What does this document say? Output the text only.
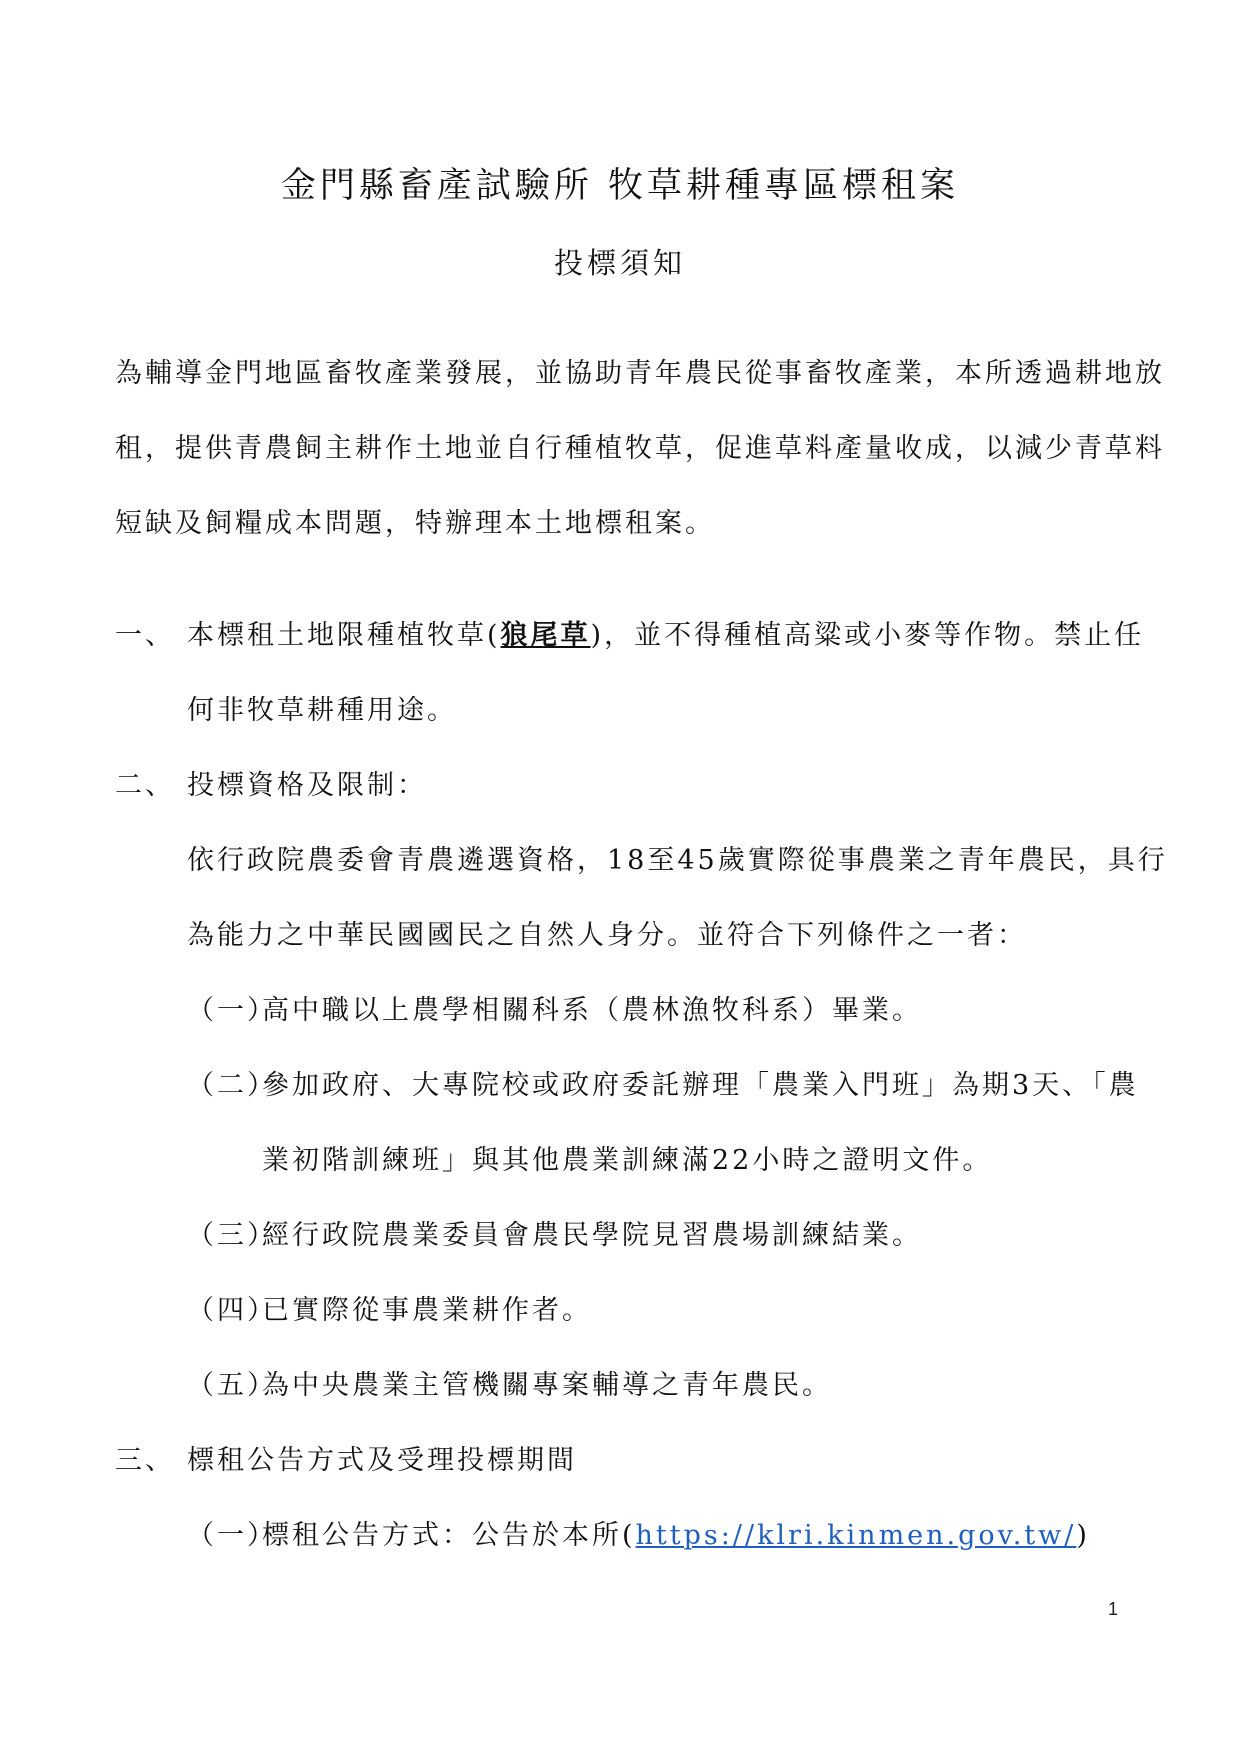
金門縣畜產試驗所 牧草耕種專區標租案
投標須知
為輔導金門地區畜牧產業發展，並協助青年農民從事畜牧產業，本所透過耕地放
租，提供青農飼主耕作土地並自行種植牧草，促進草料產量收成，以減少青草料
短缺及飼糧成本問題，特辦理本土地標租案。
一、 本標租土地限種植牧草(狼尾草)，並不得種植高粱或小麥等作物。禁止任
何非牧草耕種用途。
二、 投標資格及限制：
依行政院農委會青農遴選資格，18至45歲實際從事農業之青年農民，具行
為能力之中華民國國民之自然人身分。並符合下列條件之一者：
（一）
高中職以上農學相關科系（農林漁牧科系）畢業。
（二）
參加政府、大專院校或政府委託辦理「農業入門班」為期3天、「農
業初階訓練班」與其他農業訓練滿22小時之證明文件。
（三）
經行政院農業委員會農民學院見習農場訓練結業。
（四）
已實際從事農業耕作者。
（五）
為中央農業主管機關專案輔導之青年農民。
三、 標租公告方式及受理投標期間
（一）
標租公告方式：公告於本所(https://klri.kinmen.gov.tw/)
1
